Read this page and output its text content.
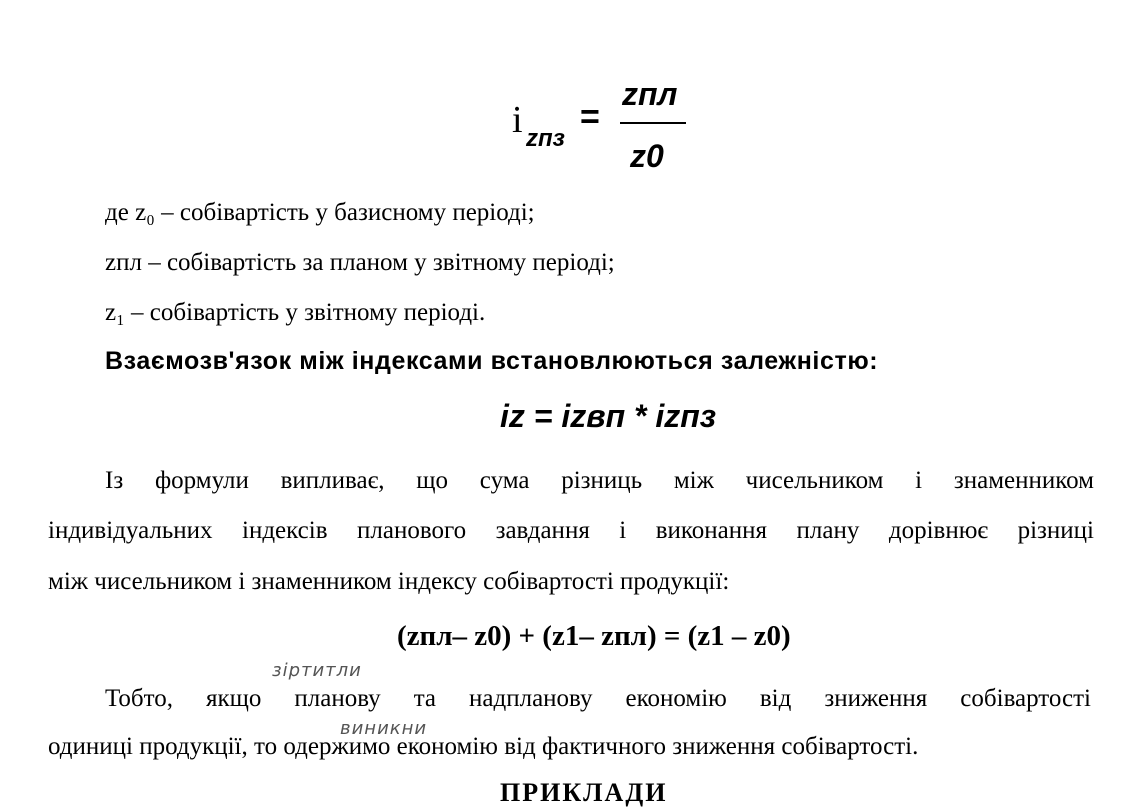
i zпз
=
zпл
z0
де z₀ – собівартість у базисному періоді;
zпл – собівартість за планом у звітному періоді;
z₁ – собівартість у звітному періоді.
Взаємозв'язок між індексами встановлюються залежністю:
iz = izвп * izпз
Із формули випливає, що сума різниць між чисельником і знаменником
індивідуальних індексів планового завдання і виконання плану дорівнює різниці
між чисельником і знаменником індексу собівартості продукції:
(zпл– z0) + (z1– zпл) = (z1 – z0)
зіртитли
виникни
Тобто, якщо планову та надпланову економію від зниження собівартості
одиниці продукції, то одержимо економію від фактичного зниження собівартості.
ПРИКЛАДИ
